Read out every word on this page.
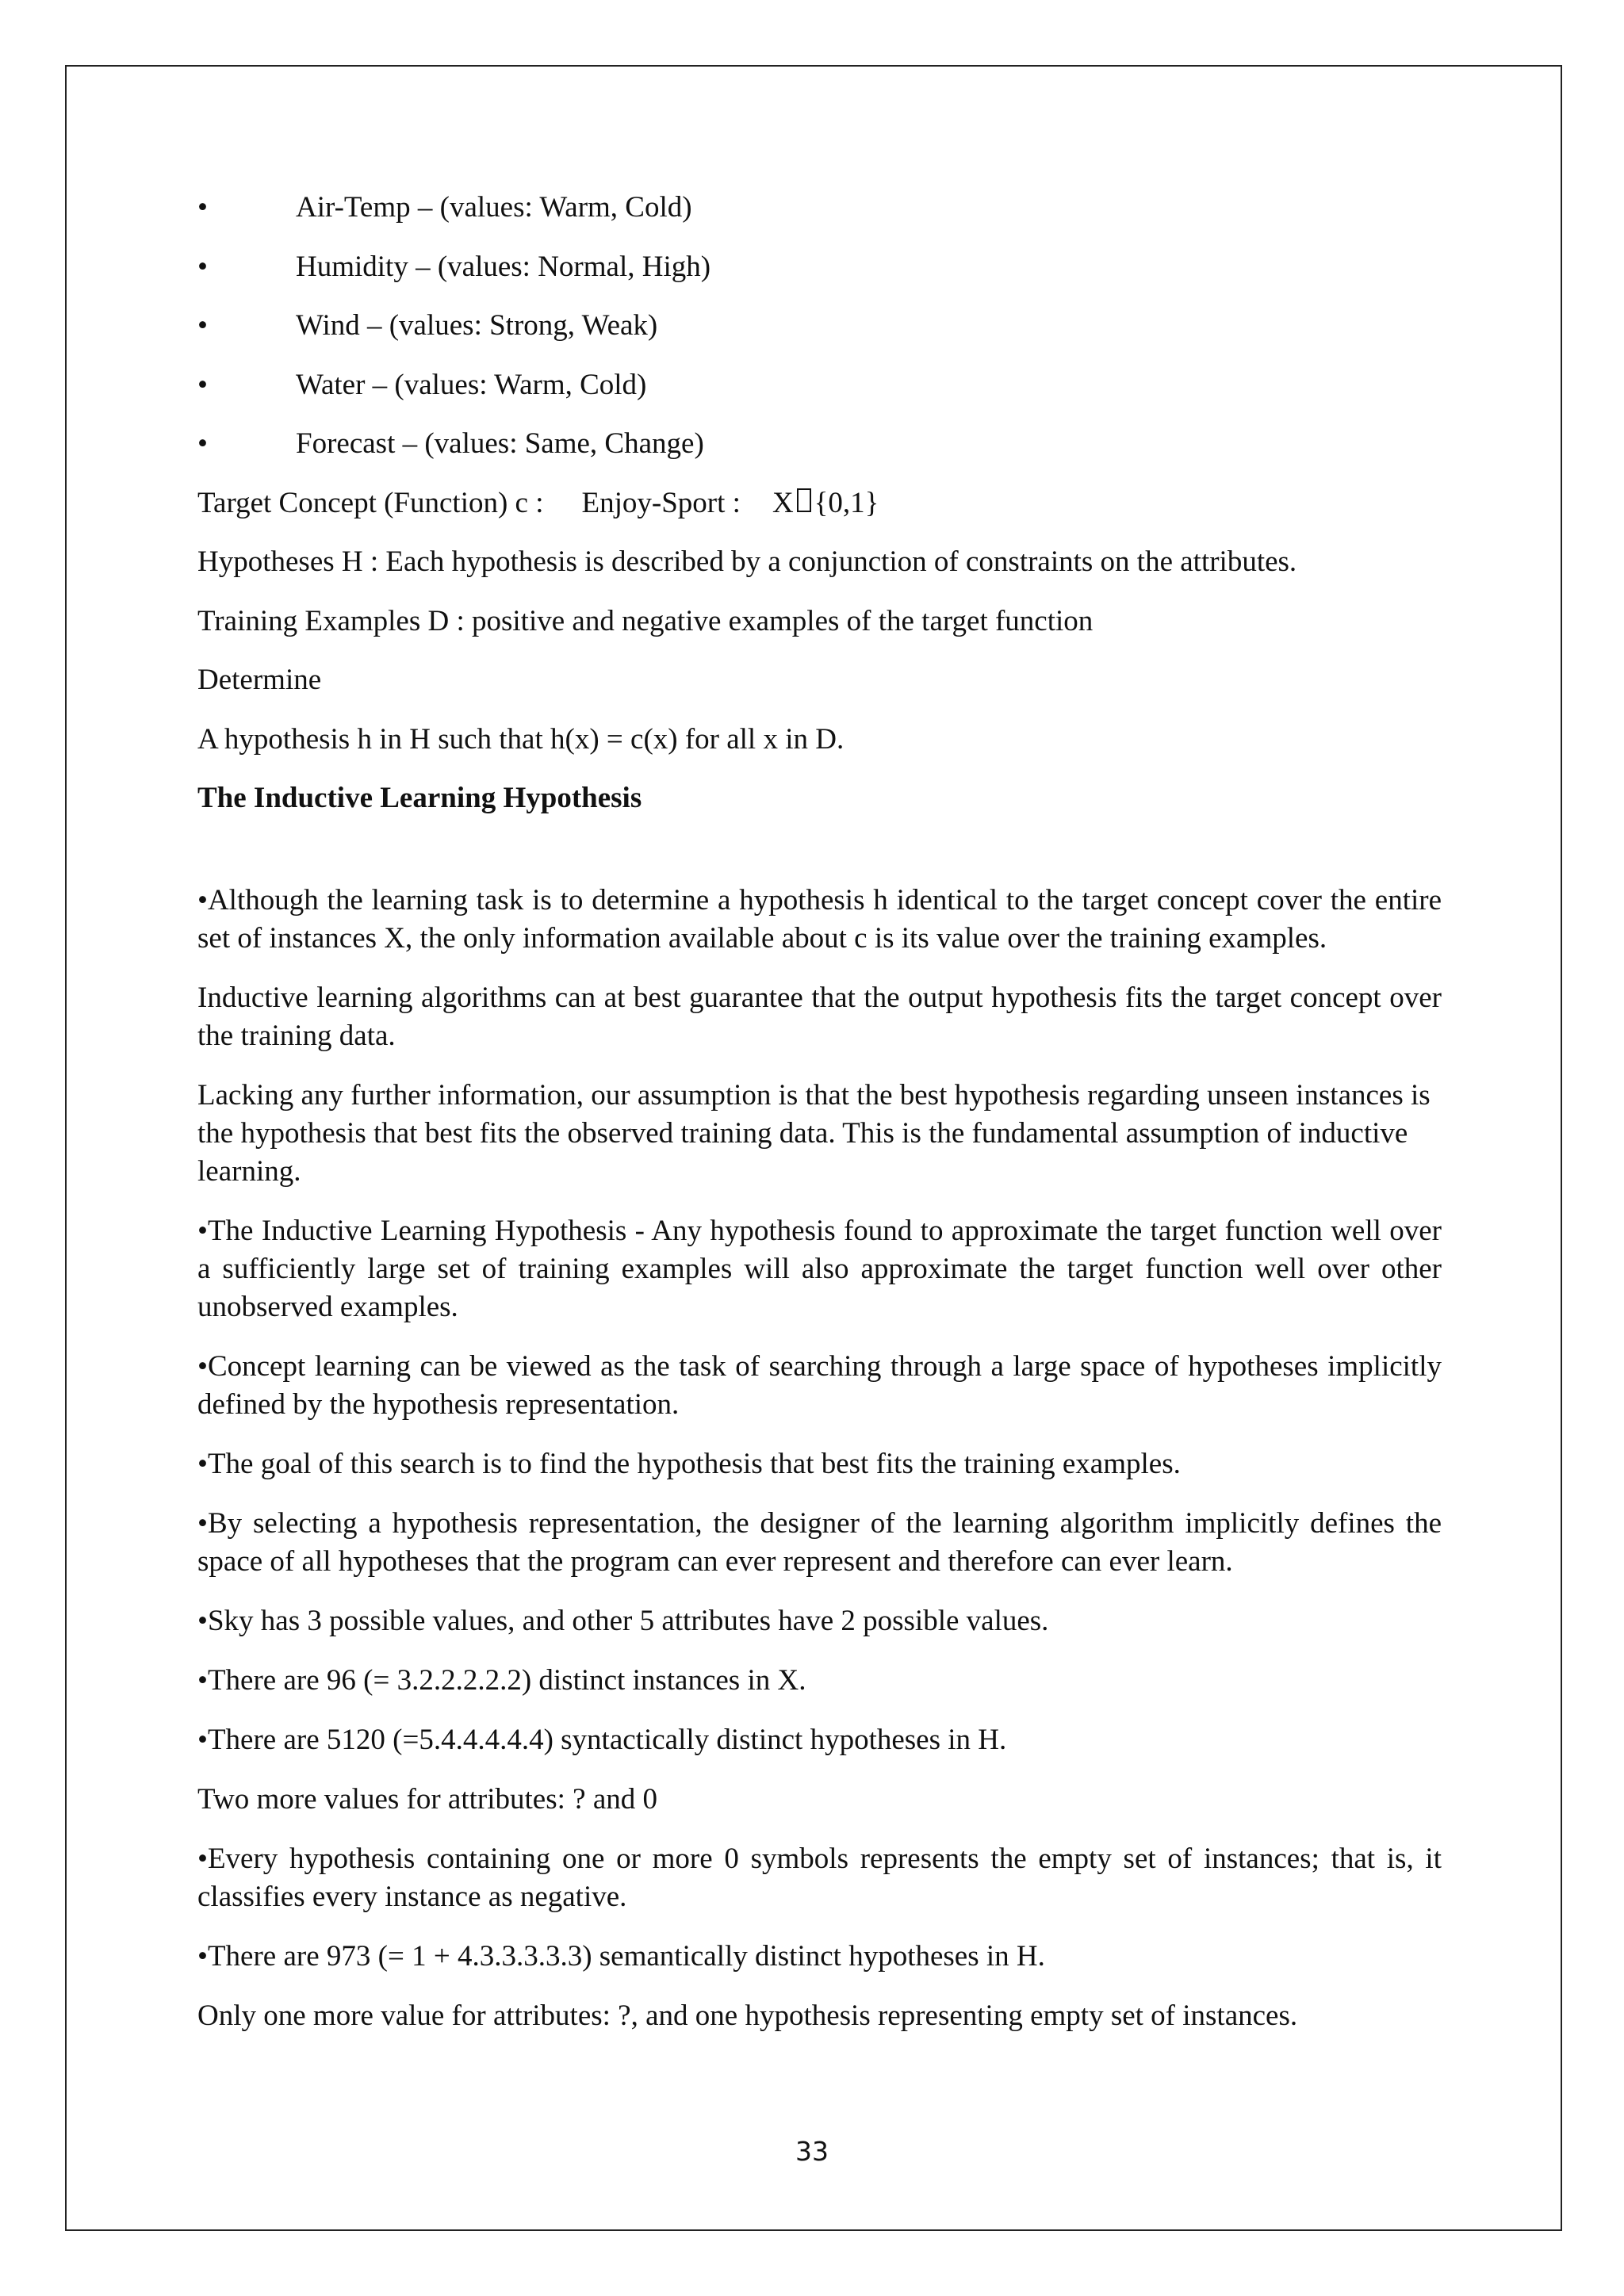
•	Air-Temp – (values: Warm, Cold)
•	Humidity – (values: Normal, High)
•	Wind – (values: Strong, Weak)
•	Water – (values: Warm, Cold)
•	Forecast – (values: Same, Change)
Target Concept (Function) c : Enjoy-Sport : X {0,1}
Hypotheses H : Each hypothesis is described by a conjunction of constraints on the attributes.
Training Examples D : positive and negative examples of the target function
Determine
A hypothesis h in H such that h(x) = c(x) for all x in D.
The Inductive Learning Hypothesis

•Although the learning task is to determine a hypothesis h identical to the target concept cover the entire set of instances X, the only information available about c is its value over the training examples.

Inductive learning algorithms can at best guarantee that the output hypothesis fits the target concept over the training data.

Lacking any further information, our assumption is that the best hypothesis regarding unseen instances is the hypothesis that best fits the observed training data. This is the fundamental assumption of inductive learning.

•The Inductive Learning Hypothesis - Any hypothesis found to approximate the target function well over a sufficiently large set of training examples will also approximate the target function well over other unobserved examples.

•Concept learning can be viewed as the task of searching through a large space of hypotheses implicitly defined by the hypothesis representation.

•The goal of this search is to find the hypothesis that best fits the training examples.

•By selecting a hypothesis representation, the designer of the learning algorithm implicitly defines the space of all hypotheses that the program can ever represent and therefore can ever learn.

•Sky has 3 possible values, and other 5 attributes have 2 possible values.

•There are 96 (= 3.2.2.2.2.2) distinct instances in X.

•There are 5120 (=5.4.4.4.4.4) syntactically distinct hypotheses in H.

Two more values for attributes: ? and 0

•Every hypothesis containing one or more 0 symbols represents the empty set of instances; that is, it classifies every instance as negative.

•There are 973 (= 1 + 4.3.3.3.3.3) semantically distinct hypotheses in H.

Only one more value for attributes: ?, and one hypothesis representing empty set of instances.

33
